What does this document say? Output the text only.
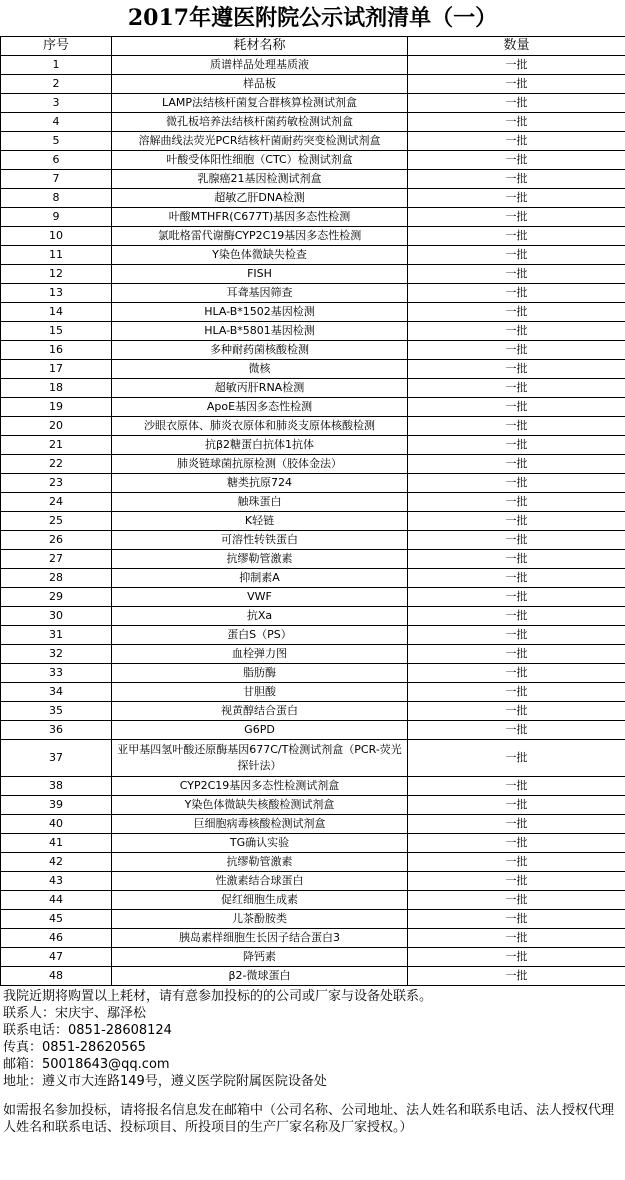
2017年遵医附院公示试剂清单（一）
序号	耗材名称	数量
1	质谱样品处理基质液	一批
2	样品板	一批
3	LAMP法结核杆菌复合群核算检测试剂盒	一批
4	微孔板培养法结核杆菌药敏检测试剂盒	一批
5	溶解曲线法荧光PCR结核杆菌耐药突变检测试剂盒	一批
6	叶酸受体阳性细胞（CTC）检测试剂盒	一批
7	乳腺癌21基因检测试剂盒	一批
8	超敏乙肝DNA检测	一批
9	叶酸MTHFR(C677T)基因多态性检测	一批
10	氯吡格雷代谢酶CYP2C19基因多态性检测	一批
11	Y染色体微缺失检查	一批
12	FISH	一批
13	耳聋基因筛查	一批
14	HLA-B*1502基因检测	一批
15	HLA-B*5801基因检测	一批
16	多种耐药菌核酸检测	一批
17	微核	一批
18	超敏丙肝RNA检测	一批
19	ApoE基因多态性检测	一批
20	沙眼衣原体、肺炎衣原体和肺炎支原体核酸检测	一批
21	抗β2糖蛋白抗体1抗体	一批
22	肺炎链球菌抗原检测（胶体金法）	一批
23	糖类抗原724	一批
24	触珠蛋白	一批
25	K轻链	一批
26	可溶性转铁蛋白	一批
27	抗缪勒管激素	一批
28	抑制素A	一批
29	VWF	一批
30	抗Xa	一批
31	蛋白S（PS）	一批
32	血栓弹力图	一批
33	脂肪酶	一批
34	甘胆酸	一批
35	视黄醇结合蛋白	一批
36	G6PD	一批
37	亚甲基四氢叶酸还原酶基因677C/T检测试剂盒（PCR-荧光探针法）	一批
38	CYP2C19基因多态性检测试剂盒	一批
39	Y染色体微缺失核酸检测试剂盒	一批
40	巨细胞病毒核酸检测试剂盒	一批
41	TG确认实验	一批
42	抗缪勒管激素	一批
43	性激素结合球蛋白	一批
44	促红细胞生成素	一批
45	儿茶酚胺类	一批
46	胰岛素样细胞生长因子结合蛋白3	一批
47	降钙素	一批
48	β2-微球蛋白	一批
我院近期将购置以上耗材，请有意参加投标的的公司或厂家与设备处联系。
联系人：宋庆宇、鄢泽松
联系电话：0851-28608124
传真：0851-28620565
邮箱：50018643@qq.com
地址：遵义市大连路149号，遵义医学院附属医院设备处
如需报名参加投标，请将报名信息发在邮箱中（公司名称、公司地址、法人姓名和联系电话、法人授权代理人姓名和联系电话、投标项目、所投项目的生产厂家名称及厂家授权。）
